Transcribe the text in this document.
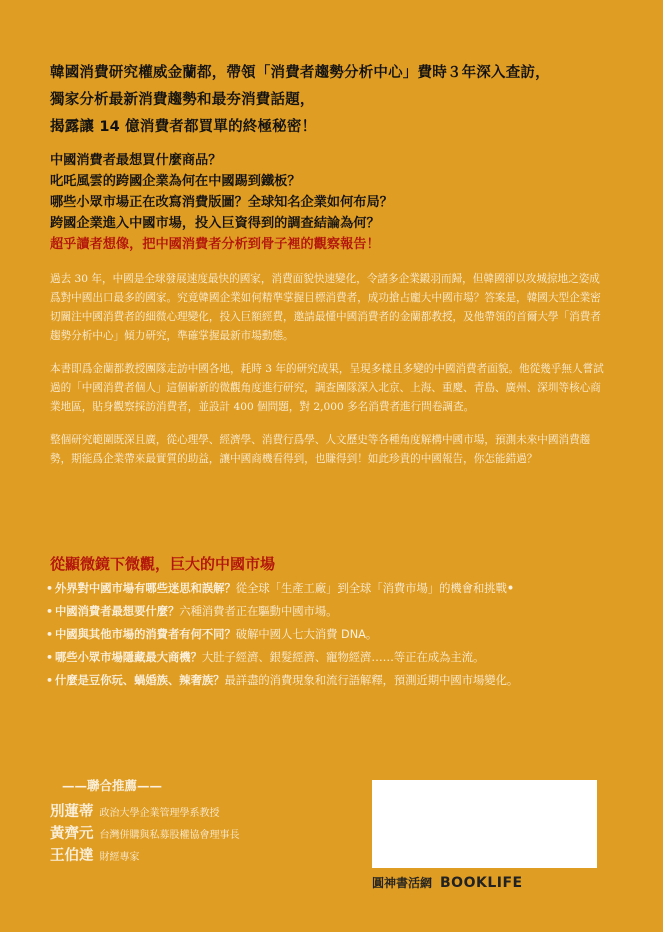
韓國消費研究權威金蘭都，帶領「消費者趨勢分析中心」費時３年深入查訪，

獨家分析最新消費趨勢和最夯消費話題，

揭露讓 14 億消費者都買單的終極秘密！

中國消費者最想買什麼商品？

叱吒風雲的跨國企業為何在中國踢到鐵板？

哪些小眾市場正在改寫消費版圖？全球知名企業如何布局？

跨國企業進入中國市場，投入巨資得到的調查結論為何？

超乎讀者想像，把中國消費者分析到骨子裡的觀察報告！

過去 30 年，中國是全球發展速度最快的國家，消費面貌快速變化，令諸多企業鎩羽而歸，但韓國卻以攻城掠地之姿成爲對中國出口最多的國家。究竟韓國企業如何精準掌握目標消費者，成功搶占龐大中國市場？答案是，韓國大型企業密切關注中國消費者的細微心理變化，投入巨額經費，邀請最懂中國消費者的金蘭都教授，及他帶領的首爾大學「消費者趨勢分析中心」傾力研究，準確掌握最新市場動態。

本書即爲金蘭都教授團隊走訪中國各地，耗時 3 年的研究成果，呈現多樣且多變的中國消費者面貌。他從幾乎無人嘗試過的「中國消費者個人」這個嶄新的微觀角度進行研究，調查團隊深入北京、上海、重慶、青島、廣州、深圳等核心商業地區，貼身觀察採訪消費者，並設計 400 個問題，對 2,000 多名消費者進行問卷調查。

整個研究範圍既深且廣，從心理學、經濟學、消費行爲學、人文歷史等各種角度解構中國市場，預測未來中國消費趨勢，期能爲企業帶來最實質的助益，讓中國商機看得到，也賺得到！如此珍貴的中國報告，你怎能錯過？

從顯微鏡下微觀，巨大的中國市場

• 外界對中國市場有哪些迷思和誤解？ 從全球「生產工廠」到全球「消費市場」的機會和挑戰 •
• 中國消費者最想要什麼？ 六種消費者正在驅動中國市場。
• 中國與其他市場的消費者有何不同？ 破解中國人七大消費 DNA。
• 哪些小眾市場隱藏最大商機？ 大肚子經濟、銀髮經濟、寵物經濟……等正在成為主流。
• 什麼是豆你玩、蝸婚族、辣奢族？ 最詳盡的消費現象和流行語解釋，預測近期中國市場變化。
——聯合推薦——
別蓮蒂 政治大學企業管理學系教授
黃齊元 台灣併購與私募股權協會理事長
王伯達 財經專家
圓神書活網 BOOKLIFE
